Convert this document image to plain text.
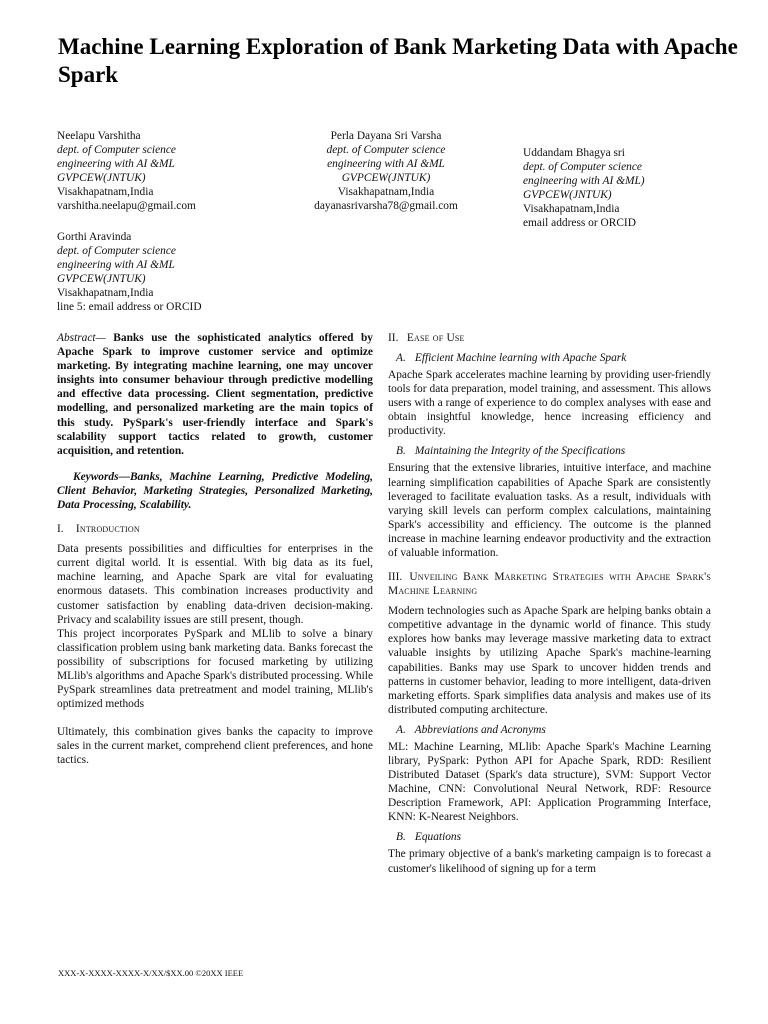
Machine Learning Exploration of Bank Marketing Data with Apache Spark
Neelapu Varshitha
dept. of Computer science
engineering with AI &ML
GVPCEW(JNTUK)
Visakhapatnam,India
varshitha.neelapu@gmail.com
Perla Dayana Sri Varsha
dept. of Computer science
engineering with AI &ML
GVPCEW(JNTUK)
Visakhapatnam,India
dayanasrivarsha78@gmail.com
Uddandam Bhagya sri
dept. of Computer science
engineering with AI &ML)
GVPCEW(JNTUK)
Visakhapatnam,India
email address or ORCID
Gorthi Aravinda
dept. of Computer science
engineering with AI &ML
GVPCEW(JNTUK)
Visakhapatnam,India
line 5: email address or ORCID

Abstract— Banks use the sophisticated analytics offered by Apache Spark to improve customer service and optimize marketing. By integrating machine learning, one may uncover insights into consumer behaviour through predictive modelling and effective data processing. Client segmentation, predictive modelling, and personalized marketing are the main topics of this study. PySpark's user-friendly interface and Spark's scalability support tactics related to growth, customer acquisition, and retention.

Keywords—Banks, Machine Learning, Predictive Modeling, Client Behavior, Marketing Strategies, Personalized Marketing, Data Processing, Scalability.

I. Introduction

Data presents possibilities and difficulties for enterprises in the current digital world. It is essential. With big data as its fuel, machine learning, and Apache Spark are vital for evaluating enormous datasets. This combination increases productivity and customer satisfaction by enabling data-driven decision-making. Privacy and scalability issues are still present, though.

This project incorporates PySpark and MLlib to solve a binary classification problem using bank marketing data. Banks forecast the possibility of subscriptions for focused marketing by utilizing MLlib's algorithms and Apache Spark's distributed processing. While PySpark streamlines data pretreatment and model training, MLlib's optimized methods

Ultimately, this combination gives banks the capacity to improve sales in the current market, comprehend client preferences, and hone tactics.

II. Ease of Use
A. Efficient Machine learning with Apache Spark

Apache Spark accelerates machine learning by providing user-friendly tools for data preparation, model training, and assessment. This allows users with a range of experience to do complex analyses with ease and obtain insightful knowledge, hence increasing efficiency and productivity.

B. Maintaining the Integrity of the Specifications

Ensuring that the extensive libraries, intuitive interface, and machine learning simplification capabilities of Apache Spark are consistently leveraged to facilitate evaluation tasks. As a result, individuals with varying skill levels can perform complex calculations, maintaining Spark's accessibility and efficiency. The outcome is the planned increase in machine learning endeavor productivity and the extraction of valuable information.

III. Unveiling Bank Marketing Strategies with Apache Spark's Machine Learning

Modern technologies such as Apache Spark are helping banks obtain a competitive advantage in the dynamic world of finance. This study explores how banks may leverage massive marketing data to extract valuable insights by utilizing Apache Spark's machine-learning capabilities. Banks may use Spark to uncover hidden trends and patterns in customer behavior, leading to more intelligent, data-driven marketing efforts. Spark simplifies data analysis and makes use of its distributed computing architecture.

A. Abbreviations and Acronyms

ML: Machine Learning, MLlib: Apache Spark's Machine Learning library, PySpark: Python API for Apache Spark, RDD: Resilient Distributed Dataset (Spark's data structure), SVM: Support Vector Machine, CNN: Convolutional Neural Network, RDF: Resource Description Framework, API: Application Programming Interface, KNN: K-Nearest Neighbors.

B. Equations

The primary objective of a bank's marketing campaign is to forecast a customer's likelihood of signing up for a term

XXX-X-XXXX-XXXX-X/XX/$XX.00 ©20XX IEEE
